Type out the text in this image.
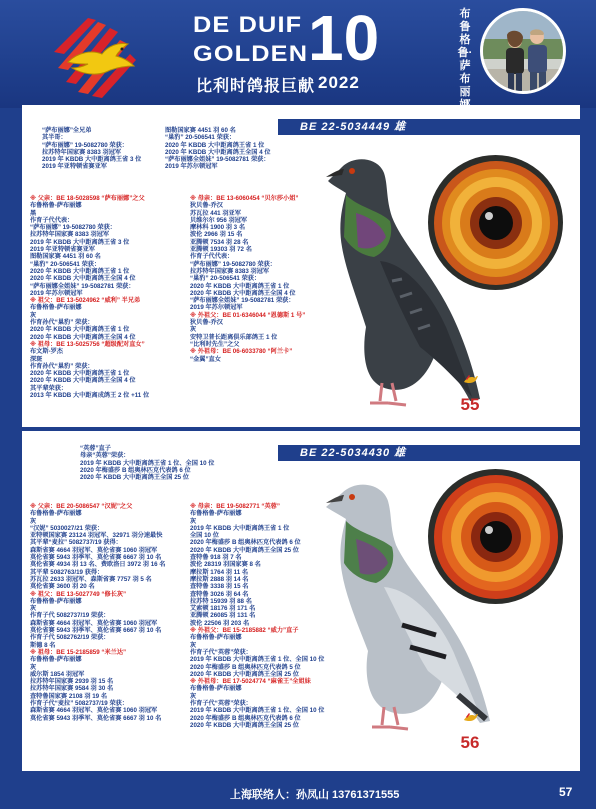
DE DUIF
GOLDEN 10
比利时鸽报巨献 2022
布鲁格鲁·萨布丽
BE 22-5034449 雄
“萨布丽娜”全兄弟
其半哥：
“萨布丽娜” 19-5082780 荣获：
拉苏特年国家赛 8383 羽冠军
2019 年 KBDB 大中距离鸽王省 3 位
2019 年亚特顿省赛亚军
图勒国家赛 4451 羽 60 名
“巢豹” 20-506541 荣获：
2020 年 KBDB 大中距离鸽王省 1 位
2020 年 KBDB 大中距离鸽王全国 4 位
“萨布丽娜全姐妹” 19-5082781 荣获：
2019 年苏尔顿冠军
※ 父亲：BE 18-5028598 “萨布丽娜”之父
布鲁格鲁-萨布丽娜
黑
作育子代代表：
“萨布丽娜” 19-5082780 荣获：
拉苏特年国家赛 8383 羽冠军
2019 年 KBDB 大中距离鸽王省 3 位
2019 年亚特顿省赛亚军
图勒国家赛 4451 羽 60 名
“巢豹” 20-506541 荣获：
2020 年 KBDB 大中距离鸽王省 1 位
2020 年 KBDB 大中距离鸽王全国 4 位
“萨布丽娜全姐妹” 19-5082781 荣获：
2019 年苏尔顿冠军
※ 祖父：BE 13-5024962 “威利” 半兄弟
布鲁格鲁-萨布丽娜
灰
作育孙代“巢豹” 荣获：
2020 年 KBDB 大中距离鸽王省 1 位
2020 年 KBDB 大中距离鸽王全国 4 位
※ 祖母：BE 13-5025756 “超级配对直女”
布文斯-罗杰
深斑
作育孙代“巢豹” 荣获：
2020 年 KBDB 大中距离鸽王省 1 位
2020 年 KBDB 大中距离鸽王全国 4 位
其平辈荣获：
2013 年 KBDB 大中距离成鸽王 2 位 +11 位
※ 母亲：BE 13-6060454 “贝尔莎小姐”
狄贝鲁-乔汉
苏瓦拉 441 羽亚军
贝维尔尔 956 羽冠军
摩林科 1900 羽 3 名
波伦 2966 羽 15 名
亚腾顿 7534 羽 28 名
亚腾顿 19303 羽 72 名
作育子代代表：
“萨布丽娜” 19-5082780 荣获：
拉苏特年国家赛 8383 羽冠军
“巢豹” 20-506541 荣获：
2020 年 KBDB 大中距离鸽王省 1 位
2020 年 KBDB 大中距离鸽王全国 4 位
“萨布丽娜全姐妹” 19-5082781 荣获：
2019 年苏尔顿冠军
※ 外祖父：BE 01-6346044 “恩德斯 1 号”
狄贝鲁-乔汉
灰
安特卫普长距离俱乐部鸽王 1 位
“比利时先生”之父
※ 外祖母：BE 06-6033780 “阿兰卡”
“金翼”直女
55
BE 22-5034430 雄
“英蓉”直子
母亲“英蓉”荣获：
2019 年 KBDB 大中距离鸽王省 1 位、全国 10 位
2020 年梅盛莎 B 组奥林匹克代表鸽 6 位
2020 年 KBDB 大中距离鸽王全国 25 位
※ 父亲：BE 20-5086547 “汉妮”之父
布鲁格鲁-萨布丽娜
灰
“汉妮” 5030027/21 荣获：
亚特顿国家赛 23124 羽冠军、32971 羽分速最快
其平辈“麦拉” 5082737/19 获得：
森斯省赛 4664 羽冠军、莫伦省赛 1060 羽冠军
莫伦省赛 5943 羽季军、莫伦省赛 6667 羽 10 名
莫伦省赛 4934 羽 13 名、费欧洛日 3972 羽 16 名
其平辈 5082763/19 获得：
苏瓦拉 2633 羽冠军、森斯省赛 7757 羽 5 名
莫伦省赛 3600 羽 20 名
※ 祖父：BE 13-5027749 “修长灰”
布鲁格鲁-萨布丽娜
灰
作育子代 5082737/19 荣获：
森斯省赛 4664 羽冠军、莫伦省赛 1060 羽冠军
莫伦省赛 5943 羽季军、莫伦省赛 6667 羽 10 名
作育子代 5082762/19 荣获：
斯德 8 名
※ 祖母：BE 15-2185859 “米兰达”
布鲁格鲁-萨布丽娜
灰
威尔斯 1854 羽冠军
拉苏特年国家赛 2939 羽 15 名
拉苏特年国家赛 9584 羽 30 名
查特鲁国家赛 2108 羽 19 名
作育子代“麦拉” 5082737/19 荣获：
森斯省赛 4664 羽冠军、莫伦省赛 1060 羽冠军
莫伦省赛 5943 羽季军、莫伦省赛 6667 羽 10 名
※ 母亲：BE 19-5082771 “英蓉”
布鲁格鲁-萨布丽娜
灰
2019 年 KBDB 大中距离鸽王省 1 位
全国 10 位
2020 年梅盛莎 B 组奥林匹克代表鸽 6 位
2020 年 KBDB 大中距离鸽王全国 25 位
查特鲁 918 羽 7 名
波伦 28319 羽国家赛 8 名
摩拉斯 1764 羽 11 名
摩拉斯 2888 羽 14 名
查特鲁 3338 羽 15 名
查特鲁 3026 羽 64 名
拉苏特 15939 羽 88 名
艾索顿 18176 羽 171 名
亚腾顿 26085 羽 131 名
波伦 22506 羽 203 名
※ 外祖父：BE 15-2185882 “威力”直子
布鲁格鲁-萨布丽娜
灰
作育子代“英蓉”荣获：
2019 年 KBDB 大中距离鸽王省 1 位、全国 10 位
2020 年梅盛莎 B 组奥林匹克代表鸽 5 位
2020 年 KBDB 大中距离鸽王全国 25 位
※ 外祖母：BE 17-5024774 “麻雀王”全姐妹
布鲁格鲁-萨布丽娜
灰
作育子代“英蓉”荣获：
2019 年 KBDB 大中距离鸽王省 1 位、全国 10 位
2020 年梅盛莎 B 组奥林匹克代表鸽 6 位
2020 年 KBDB 大中距离鸽王全国 25 位
56
上海联络人：孙凤山 13761371555	57
